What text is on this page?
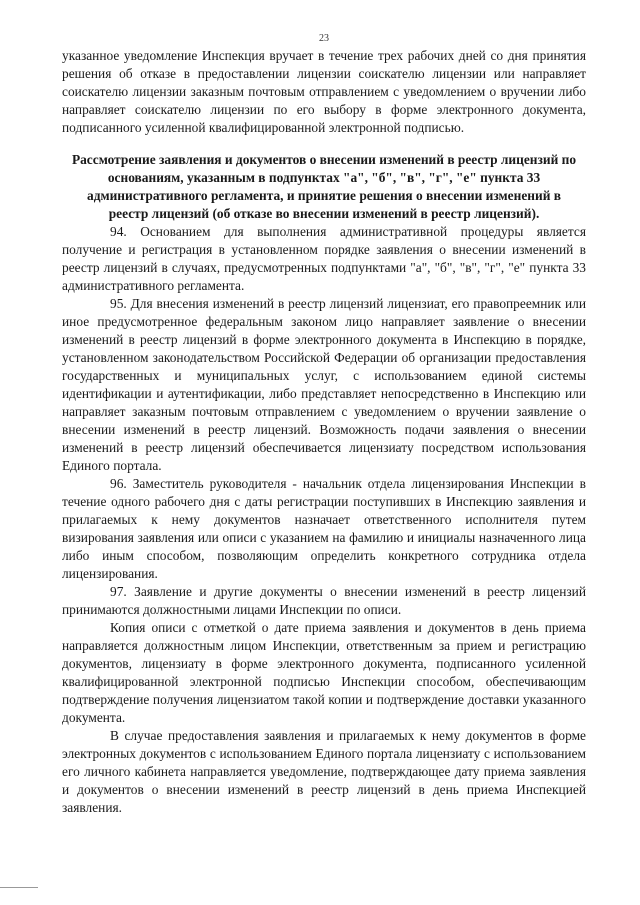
23

указанное уведомление Инспекция вручает в течение трех рабочих дней со дня принятия решения об отказе в предоставлении лицензии соискателю лицензии или направляет соискателю лицензии заказным почтовым отправлением с уведомлением о вручении либо направляет соискателю лицензии по его выбору в форме электронного документа, подписанного усиленной квалифицированной электронной подписью.

Рассмотрение заявления и документов о внесении изменений в реестр лицензий по основаниям, указанным в подпунктах "а", "б", "в", "г", "е" пункта 33 административного регламента, и принятие решения о внесении изменений в реестр лицензий (об отказе во внесении изменений в реестр лицензий).

94. Основанием для выполнения административной процедуры является получение и регистрация в установленном порядке заявления о внесении изменений в реестр лицензий в случаях, предусмотренных подпунктами "а", "б", "в", "г", "е" пункта 33 административного регламента.

95. Для внесения изменений в реестр лицензий лицензиат, его правопреемник или иное предусмотренное федеральным законом лицо направляет заявление о внесении изменений в реестр лицензий в форме электронного документа в Инспекцию в порядке, установленном законодательством Российской Федерации об организации предоставления государственных и муниципальных услуг, с использованием единой системы идентификации и аутентификации, либо представляет непосредственно в Инспекцию или направляет заказным почтовым отправлением с уведомлением о вручении заявление о внесении изменений в реестр лицензий. Возможность подачи заявления о внесении изменений в реестр лицензий обеспечивается лицензиату посредством использования Единого портала.

96. Заместитель руководителя - начальник отдела лицензирования Инспекции в течение одного рабочего дня с даты регистрации поступивших в Инспекцию заявления и прилагаемых к нему документов назначает ответственного исполнителя путем визирования заявления или описи с указанием на фамилию и инициалы назначенного лица либо иным способом, позволяющим определить конкретного сотрудника отдела лицензирования.

97. Заявление и другие документы о внесении изменений в реестр лицензий принимаются должностными лицами Инспекции по описи.

Копия описи с отметкой о дате приема заявления и документов в день приема направляется должностным лицом Инспекции, ответственным за прием и регистрацию документов, лицензиату в форме электронного документа, подписанного усиленной квалифицированной электронной подписью Инспекции способом, обеспечивающим подтверждение получения лицензиатом такой копии и подтверждение доставки указанного документа.

В случае предоставления заявления и прилагаемых к нему документов в форме электронных документов с использованием Единого портала лицензиату с использованием его личного кабинета направляется уведомление, подтверждающее дату приема заявления и документов о внесении изменений в реестр лицензий в день приема Инспекцией заявления.
